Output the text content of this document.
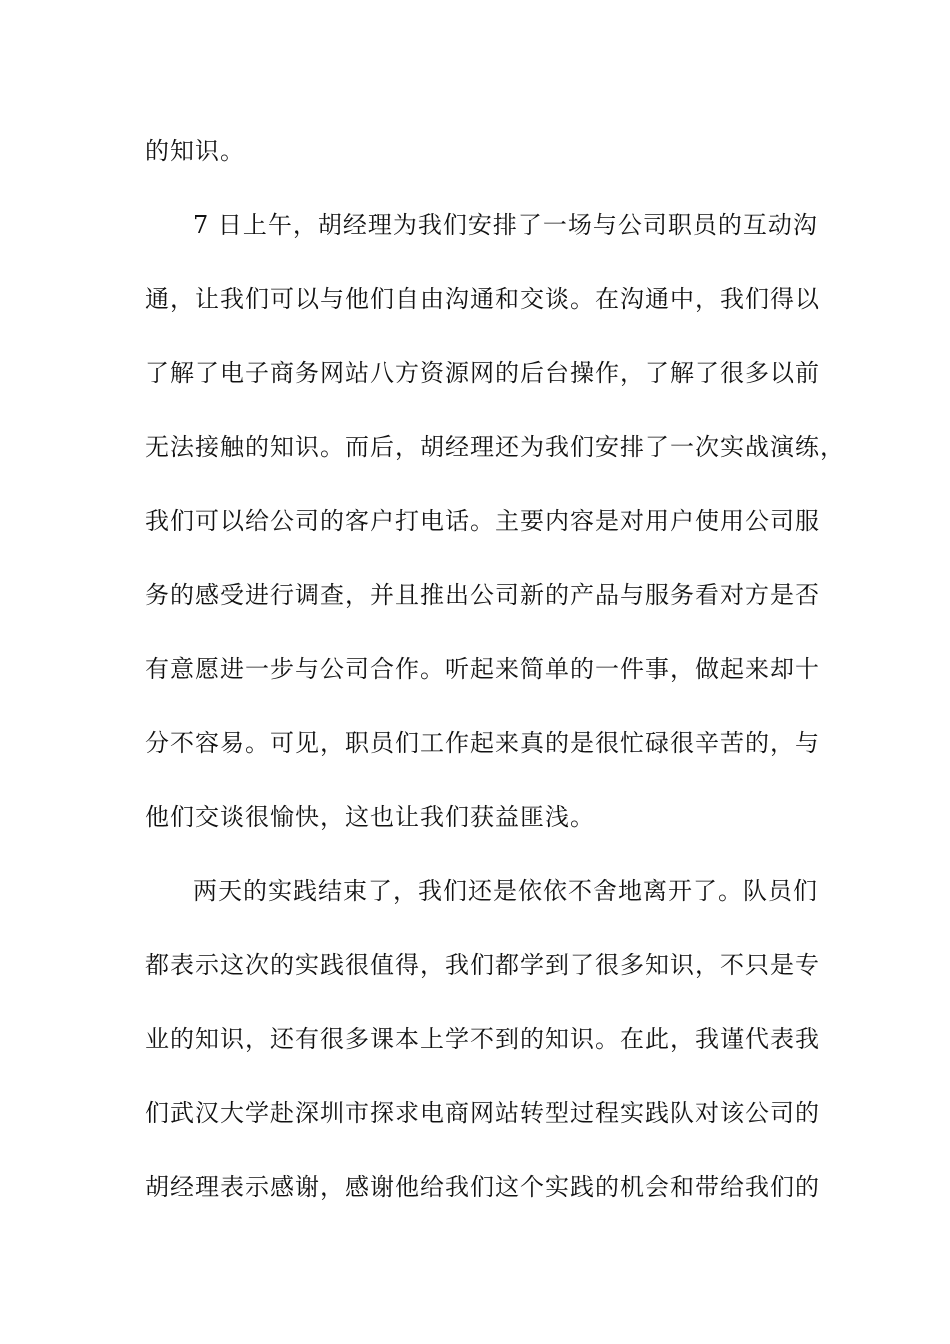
的知识。
7 日上午，胡经理为我们安排了一场与公司职员的互动沟
通，让我们可以与他们自由沟通和交谈。在沟通中，我们得以
了解了电子商务网站八方资源网的后台操作，了解了很多以前
无法接触的知识。而后，胡经理还为我们安排了一次实战演练，
我们可以给公司的客户打电话。主要内容是对用户使用公司服
务的感受进行调查，并且推出公司新的产品与服务看对方是否
有意愿进一步与公司合作。听起来简单的一件事，做起来却十
分不容易。可见，职员们工作起来真的是很忙碌很辛苦的，与
他们交谈很愉快，这也让我们获益匪浅。
两天的实践结束了，我们还是依依不舍地离开了。队员们
都表示这次的实践很值得，我们都学到了很多知识，不只是专
业的知识，还有很多课本上学不到的知识。在此，我谨代表我
们武汉大学赴深圳市探求电商网站转型过程实践队对该公司的
胡经理表示感谢，感谢他给我们这个实践的机会和带给我们的
